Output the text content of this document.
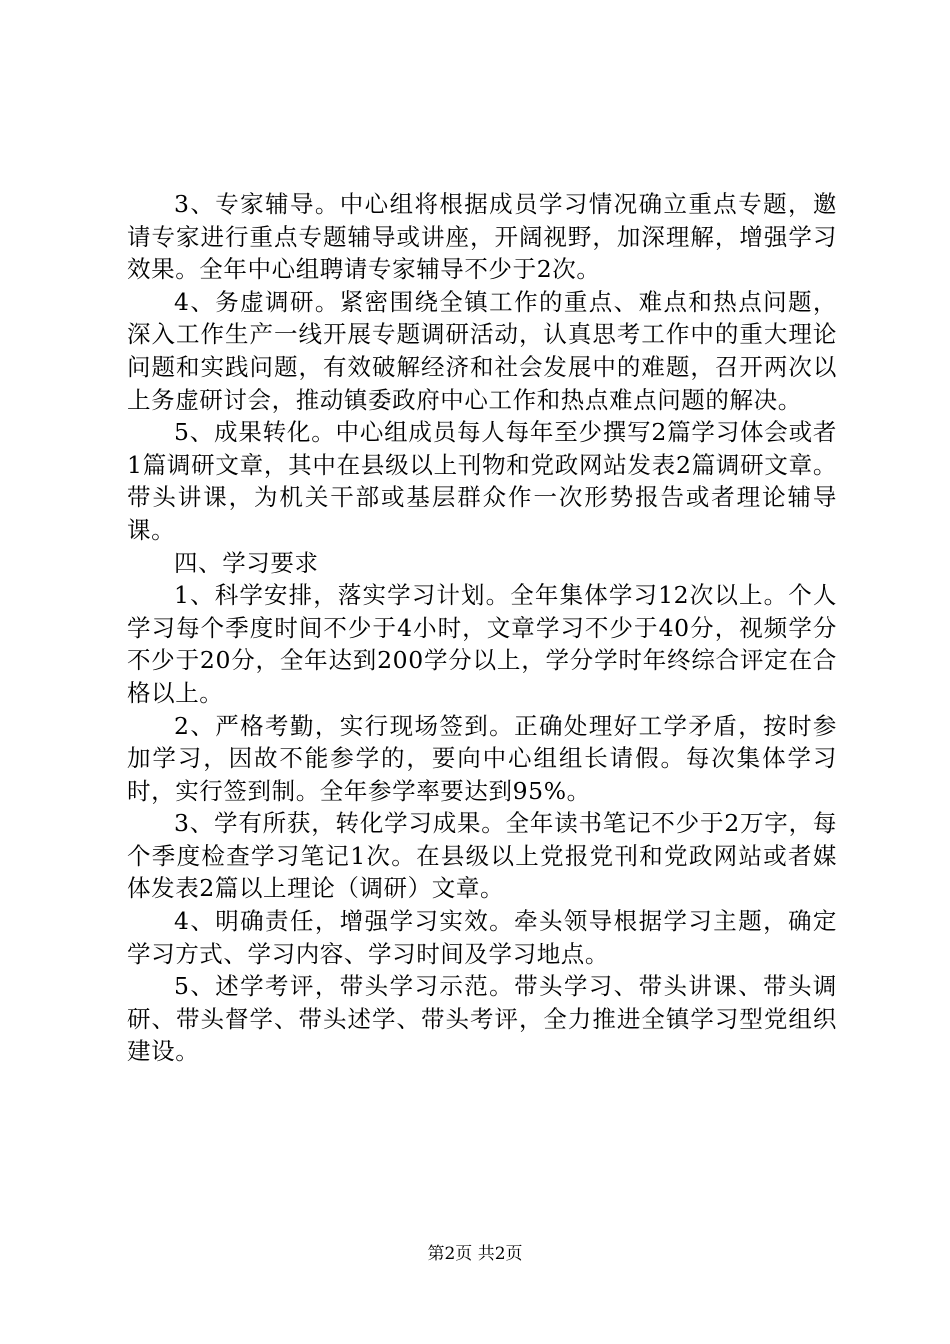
3、专家辅导。中心组将根据成员学习情况确立重点专题，邀请专家进行重点专题辅导或讲座，开阔视野，加深理解，增强学习效果。全年中心组聘请专家辅导不少于2次。

4、务虚调研。紧密围绕全镇工作的重点、难点和热点问题，深入工作生产一线开展专题调研活动，认真思考工作中的重大理论问题和实践问题，有效破解经济和社会发展中的难题，召开两次以上务虚研讨会，推动镇委政府中心工作和热点难点问题的解决。

5、成果转化。中心组成员每人每年至少撰写2篇学习体会或者1篇调研文章，其中在县级以上刊物和党政网站发表2篇调研文章。带头讲课，为机关干部或基层群众作一次形势报告或者理论辅导课。

四、学习要求

1、科学安排，落实学习计划。全年集体学习12次以上。个人学习每个季度时间不少于4小时，文章学习不少于40分，视频学分不少于20分，全年达到200学分以上，学分学时年终综合评定在合格以上。

2、严格考勤，实行现场签到。正确处理好工学矛盾，按时参加学习，因故不能参学的，要向中心组组长请假。每次集体学习时，实行签到制。全年参学率要达到95%。

3、学有所获，转化学习成果。全年读书笔记不少于2万字，每个季度检查学习笔记1次。在县级以上党报党刊和党政网站或者媒体发表2篇以上理论（调研）文章。

4、明确责任，增强学习实效。牵头领导根据学习主题，确定学习方式、学习内容、学习时间及学习地点。

5、述学考评，带头学习示范。带头学习、带头讲课、带头调研、带头督学、带头述学、带头考评，全力推进全镇学习型党组织建设。

第2页 共2页
